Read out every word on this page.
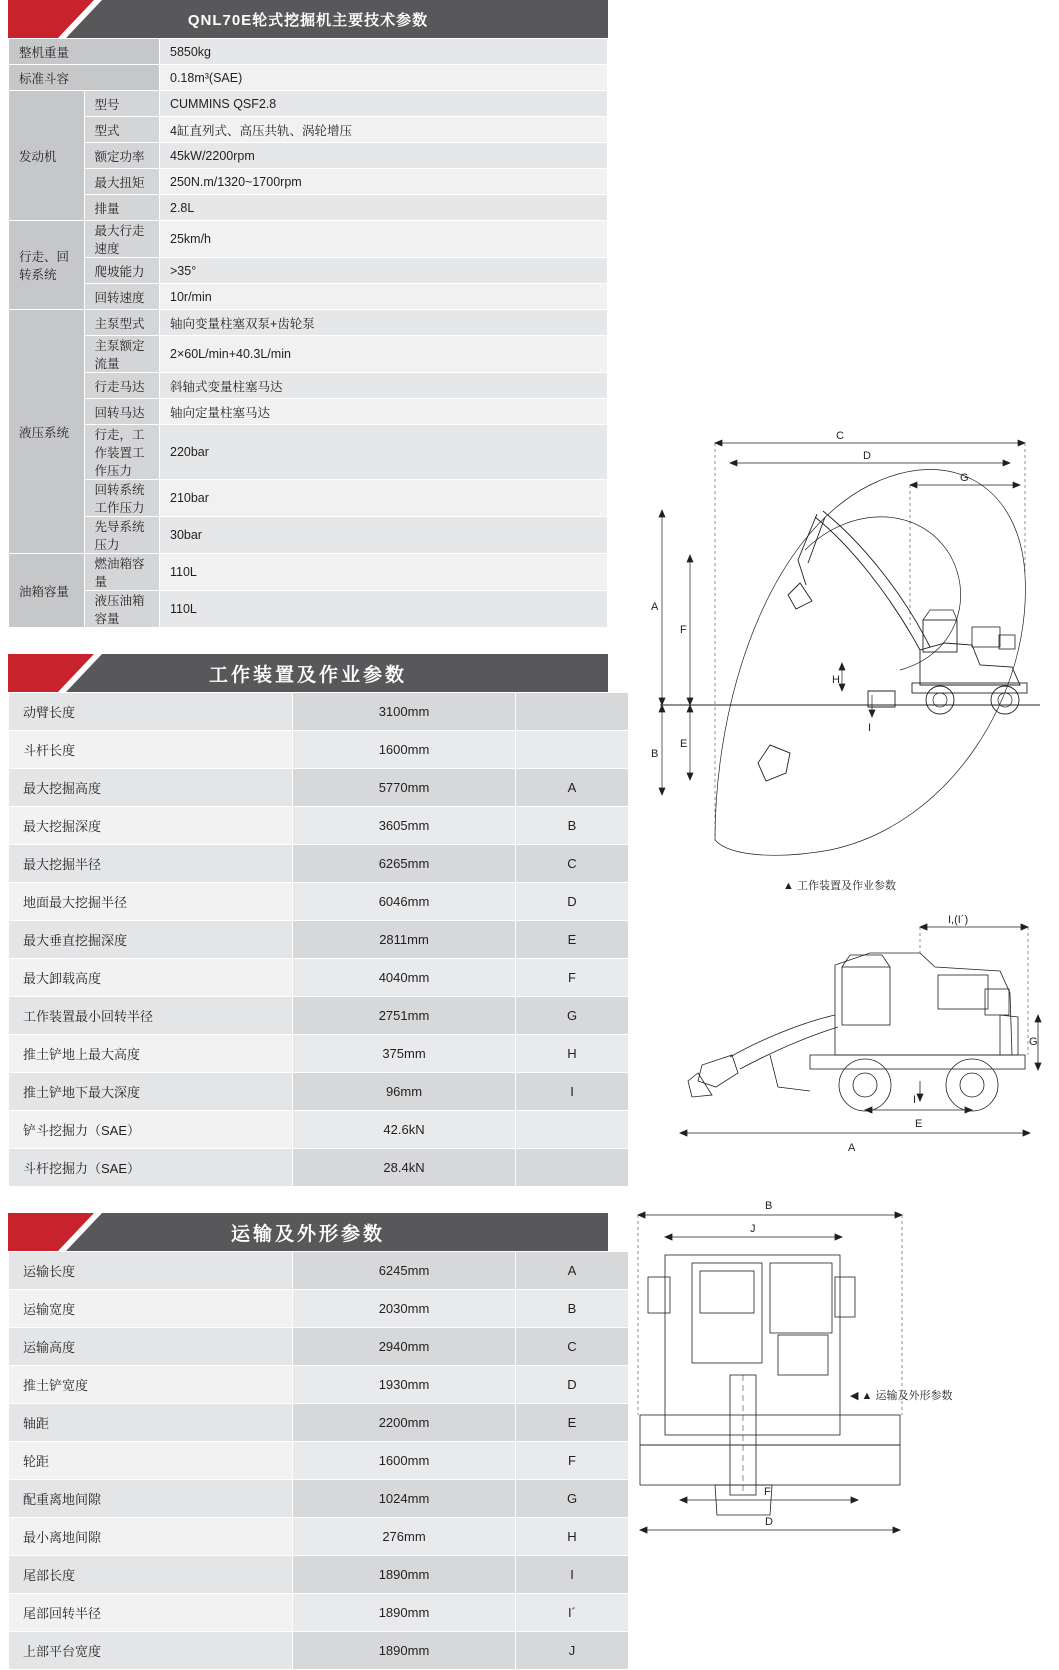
QNL70E轮式挖掘机主要技术参数
整机重量		5850kg
标准斗容		0.18m³(SAE)
发动机	型号	CUMMINS QSF2.8
	型式	4缸直列式、高压共轨、涡轮增压
	额定功率	45kW/2200rpm
	最大扭矩	250N.m/1320~1700rpm
	排量	2.8L
行走、回转系统	最大行走速度	25km/h
	爬坡能力	>35°
	回转速度	10r/min
液压系统	主泵型式	轴向变量柱塞双泵+齿轮泵
	主泵额定流量	2×60L/min+40.3L/min
	行走马达	斜轴式变量柱塞马达
	回转马达	轴向定量柱塞马达
	行走，工作装置工作压力	220bar
	回转系统工作压力	210bar
	先导系统压力	30bar
油箱容量	燃油箱容量	110L
	液压油箱容量	110L
工作装置及作业参数
动臂长度	3100mm	
斗杆长度	1600mm	
最大挖掘高度	5770mm	A
最大挖掘深度	3605mm	B
最大挖掘半径	6265mm	C
地面最大挖掘半径	6046mm	D
最大垂直挖掘深度	2811mm	E
最大卸载高度	4040mm	F
工作装置最小回转半径	2751mm	G
推土铲地上最大高度	375mm	H
推土铲地下最大深度	96mm	I
铲斗挖掘力（SAE）	42.6kN	
斗杆挖掘力（SAE）	28.4kN	
运输及外形参数
运输长度	6245mm	A
运输宽度	2030mm	B
运输高度	2940mm	C
推土铲宽度	1930mm	D
轴距	2200mm	E
轮距	1600mm	F
配重离地间隙	1024mm	G
最小离地间隙	276mm	H
尾部长度	1890mm	I
尾部回转半径	1890mm	I´
上部平台宽度	1890mm	J
C
D
G
A
B
F
E
H
I
▲ 工作装置及作业参数
I,(I´)
G
I
E
A
B
J
F
D
◀ ▲ 运输及外形参数
